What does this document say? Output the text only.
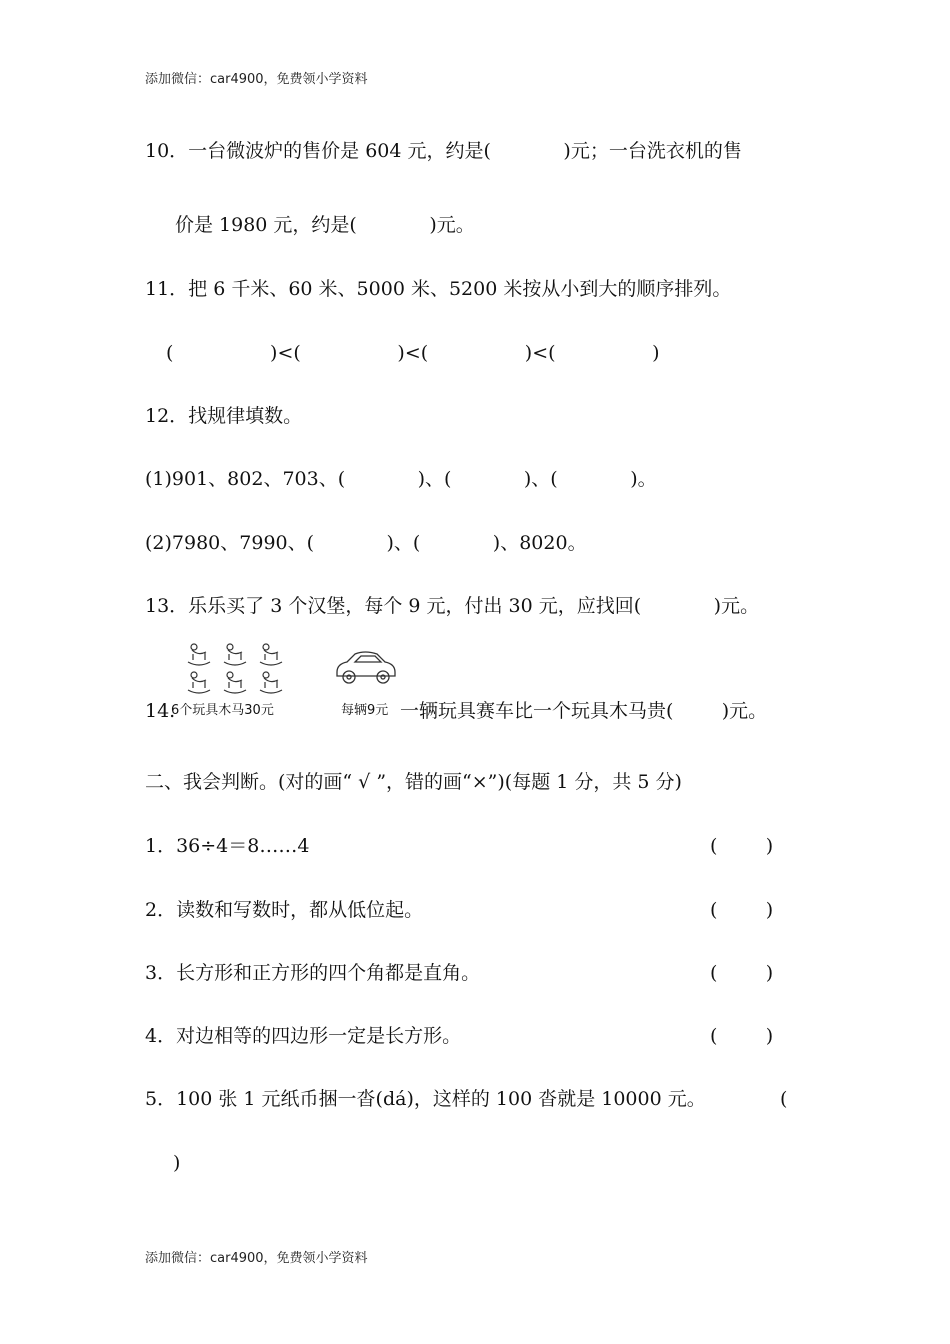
添加微信：car4900，免费领小学资料
10．一台微波炉的售价是 604 元，约是(            )元；一台洗衣机的售
价是 1980 元，约是(            )元。
11．把 6 千米、60 米、5000 米、5200 米按从小到大的顺序排列。
(                )<(                )<(                )<(                )
12．找规律填数。
(1)901、802、703、(            )、(            )、(            )。
(2)7980、7990、(            )、(            )、8020。
13．乐乐买了 3 个汉堡，每个 9 元，付出 30 元，应找回(            )元。
14.
6个玩具木马30元	每辆9元 一辆玩具赛车比一个玩具木马贵(        )元。
二、我会判断。(对的画“ √ ”，错的画“×”)(每题 1 分，共 5 分)
1．36÷4＝8……4	(        )
2．读数和写数时，都从低位起。	(        )
3．长方形和正方形的四个角都是直角。	(        )
4．对边相等的四边形一定是长方形。	(        )
5．100 张 1 元纸币捆一沓(dá)，这样的 100 沓就是 10000 元。	(
)
添加微信：car4900，免费领小学资料
